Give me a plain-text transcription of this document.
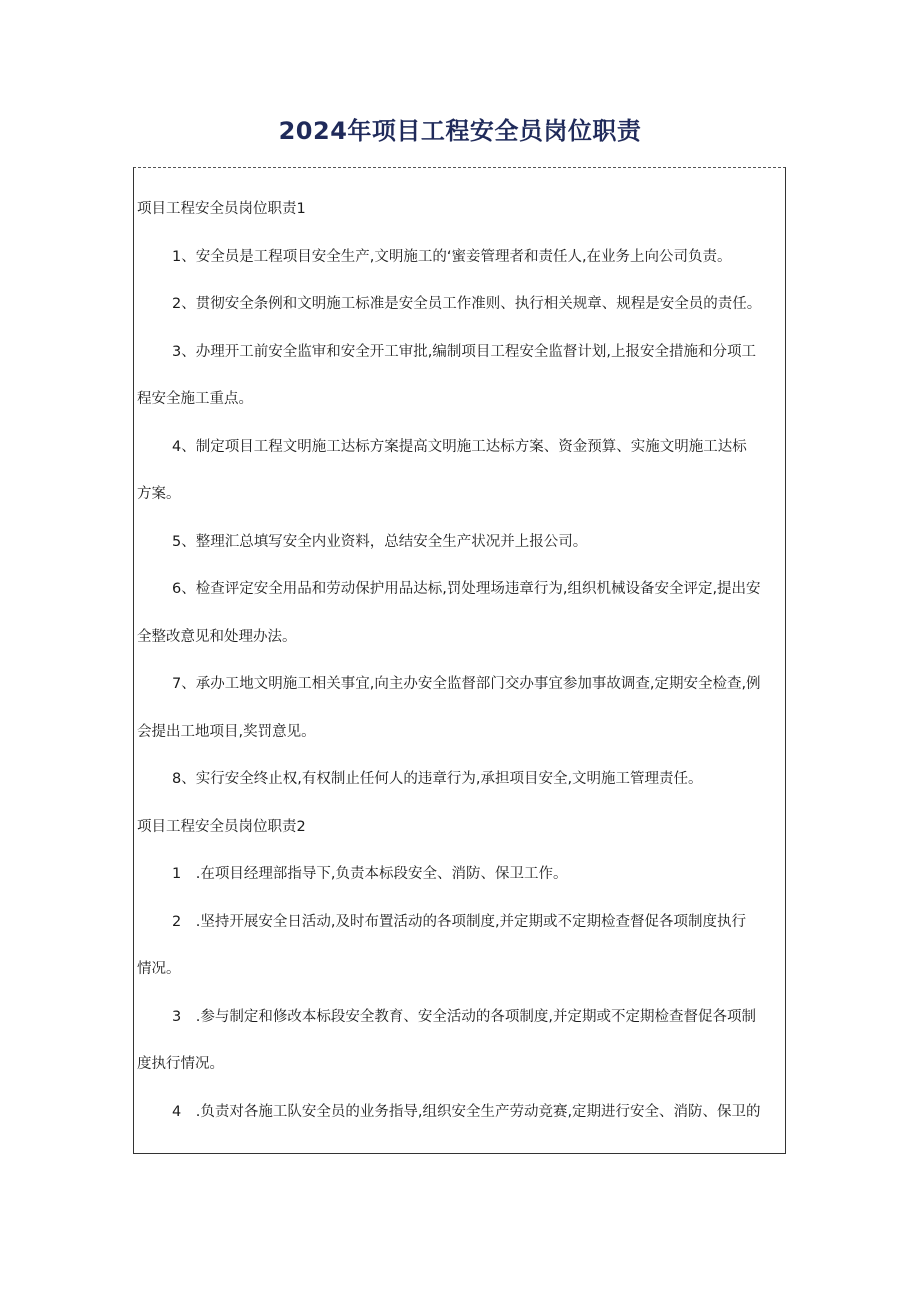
2024年项目工程安全员岗位职责
项目工程安全员岗位职责1
1、安全员是工程项目安全生产,文明施工的‘蜜妾管理者和责任人,在业务上向公司负责。
2、贯彻安全条例和文明施工标准是安全员工作准则、执行相关规章、规程是安全员的责任。
3、办理开工前安全监审和安全开工审批,编制项目工程安全监督计划,上报安全措施和分项工
程安全施工重点。
4、制定项目工程文明施工达标方案提高文明施工达标方案、资金预算、实施文明施工达标
方案。
5、整理汇总填写安全内业资料，总结安全生产状况并上报公司。
6、检查评定安全用品和劳动保护用品达标,罚处理场违章行为,组织机械设备安全评定,提出安
全整改意见和处理办法。
7、承办工地文明施工相关事宜,向主办安全监督部门交办事宜参加事故调查,定期安全检查,例
会提出工地项目,奖罚意见。
8、实行安全终止权,有权制止任何人的违章行为,承担项目安全,文明施工管理责任。
项目工程安全员岗位职责2
1　.在项目经理部指导下,负责本标段安全、消防、保卫工作。
2　.坚持开展安全日活动,及时布置活动的各项制度,并定期或不定期检查督促各项制度执行
情况。
3　.参与制定和修改本标段安全教育、安全活动的各项制度,并定期或不定期检查督促各项制
度执行情况。
4　.负责对各施工队安全员的业务指导,组织安全生产劳动竞赛,定期进行安全、消防、保卫的
